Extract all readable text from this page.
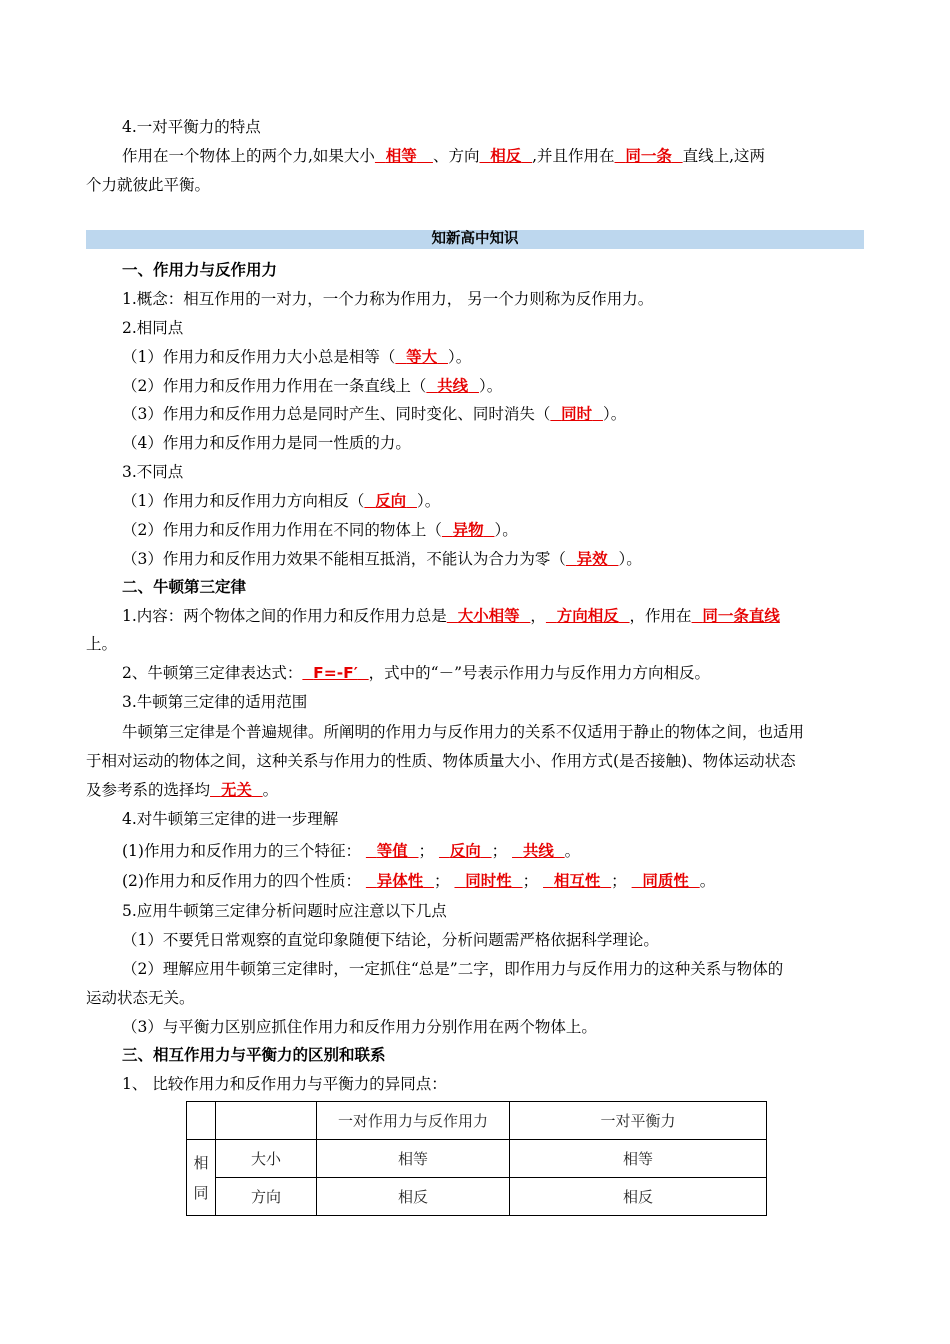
4.一对平衡力的特点
作用在一个物体上的两个力,如果大小 相等 、方向 相反 ,并且作用在 同一条 直线上,这两
个力就彼此平衡。
知新高中知识
一、作用力与反作用力
1.概念：相互作用的一对力，一个力称为作用力， 另一个力则称为反作用力。
2.相同点
（1）作用力和反作用力大小总是相等（ 等大 ）。
（2）作用力和反作用力作用在一条直线上（ 共线 ）。
（3）作用力和反作用力总是同时产生、同时变化、同时消失（ 同时 ）。
（4）作用力和反作用力是同一性质的力。
3.不同点
（1）作用力和反作用力方向相反（ 反向 ）。
（2）作用力和反作用力作用在不同的物体上（ 异物 ）。
（3）作用力和反作用力效果不能相互抵消，不能认为合力为零（ 异效 ）。
二、牛顿第三定律
1.内容：两个物体之间的作用力和反作用力总是 大小相等 ， 方向相反 ，作用在 同一条直线
上。
2、牛顿第三定律表达式： F=-F′ ，式中的“－”号表示作用力与反作用力方向相反。
3.牛顿第三定律的适用范围
牛顿第三定律是个普遍规律。所阐明的作用力与反作用力的关系不仅适用于静止的物体之间，也适用
于相对运动的物体之间，这种关系与作用力的性质、物体质量大小、作用方式(是否接触)、物体运动状态
及参考系的选择均 无关 。
4.对牛顿第三定律的进一步理解
(1)作用力和反作用力的三个特征： 等值 ； 反向 ； 共线 。
(2)作用力和反作用力的四个性质： 异体性 ； 同时性 ； 相互性 ； 同质性 。
5.应用牛顿第三定律分析问题时应注意以下几点
（1）不要凭日常观察的直觉印象随便下结论，分析问题需严格依据科学理论。
（2）理解应用牛顿第三定律时，一定抓住“总是”二字，即作用力与反作用力的这种关系与物体的
运动状态无关。
（3）与平衡力区别应抓住作用力和反作用力分别作用在两个物体上。
三、相互作用力与平衡力的区别和联系
1、 比较作用力和反作用力与平衡力的异同点：
		一对作用力与反作用力	一对平衡力
相
同	大小	相等	相等
	方向	相反	相反
